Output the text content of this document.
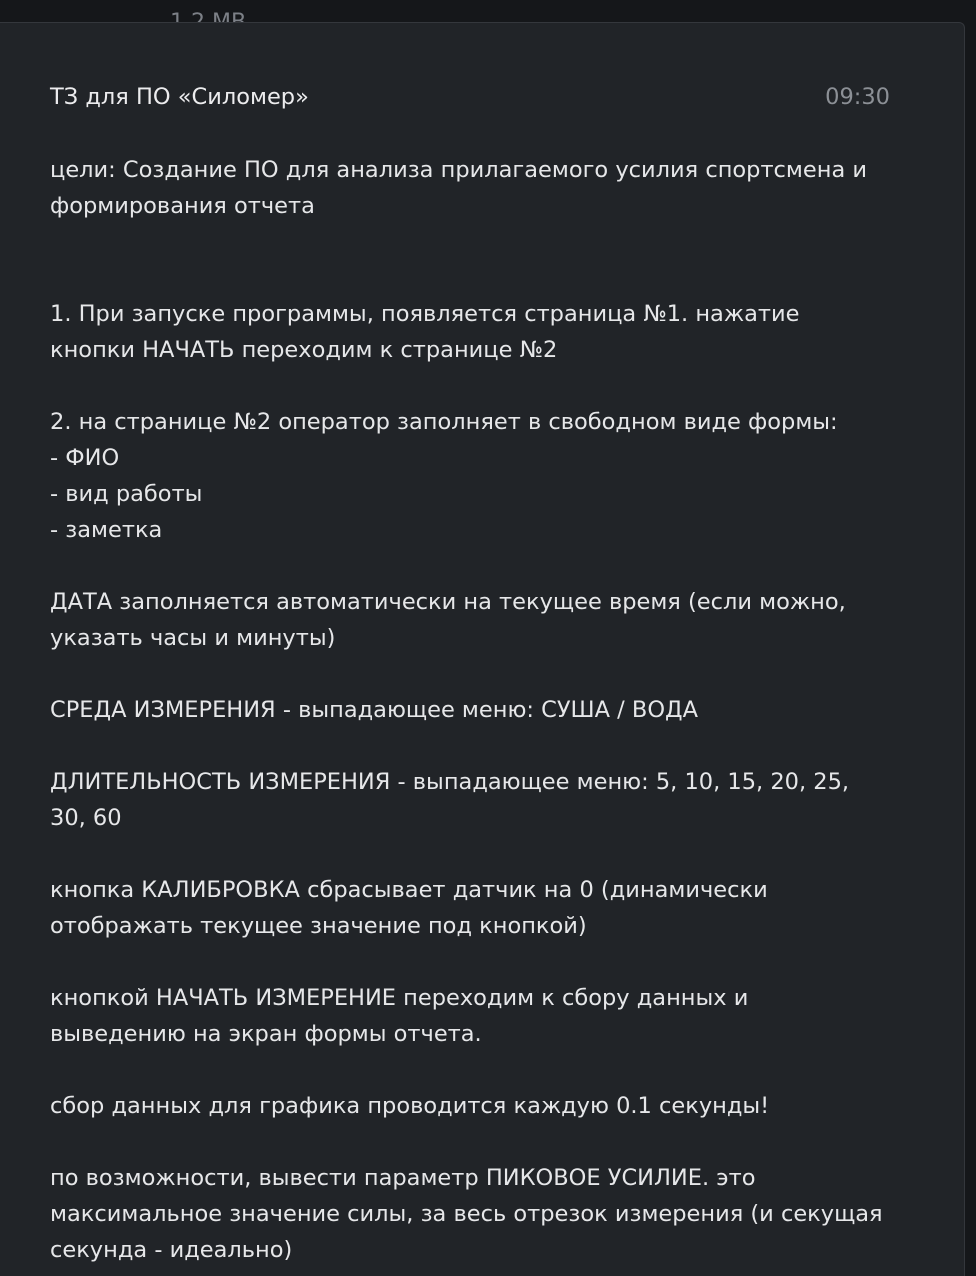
ТЗ для ПО «Силомер»	09:30
цели: Создание ПО для анализа прилагаемого усилия спортсмена и
формирования отчета
1. При запуске программы, появляется страница №1. нажатие
кнопки НАЧАТЬ переходим к странице №2
2. на странице №2 оператор заполняет в свободном виде формы:
- ФИО
- вид работы
- заметка
ДАТА заполняется автоматически на текущее время (если можно,
указать часы и минуты)
СРЕДА ИЗМЕРЕНИЯ - выпадающее меню: СУША / ВОДА
ДЛИТЕЛЬНОСТЬ ИЗМЕРЕНИЯ - выпадающее меню: 5, 10, 15, 20, 25,
30, 60
кнопка КАЛИБРОВКА сбрасывает датчик на 0 (динамически
отображать текущее значение под кнопкой)
кнопкой НАЧАТЬ ИЗМЕРЕНИЕ переходим к сбору данных и
выведению на экран формы отчета.
сбор данных для графика проводится каждую 0.1 секунды!
по возможности, вывести параметр ПИКОВОЕ УСИЛИЕ. это
максимальное значение силы, за весь отрезок измерения (и секущая
секунда - идеально)
